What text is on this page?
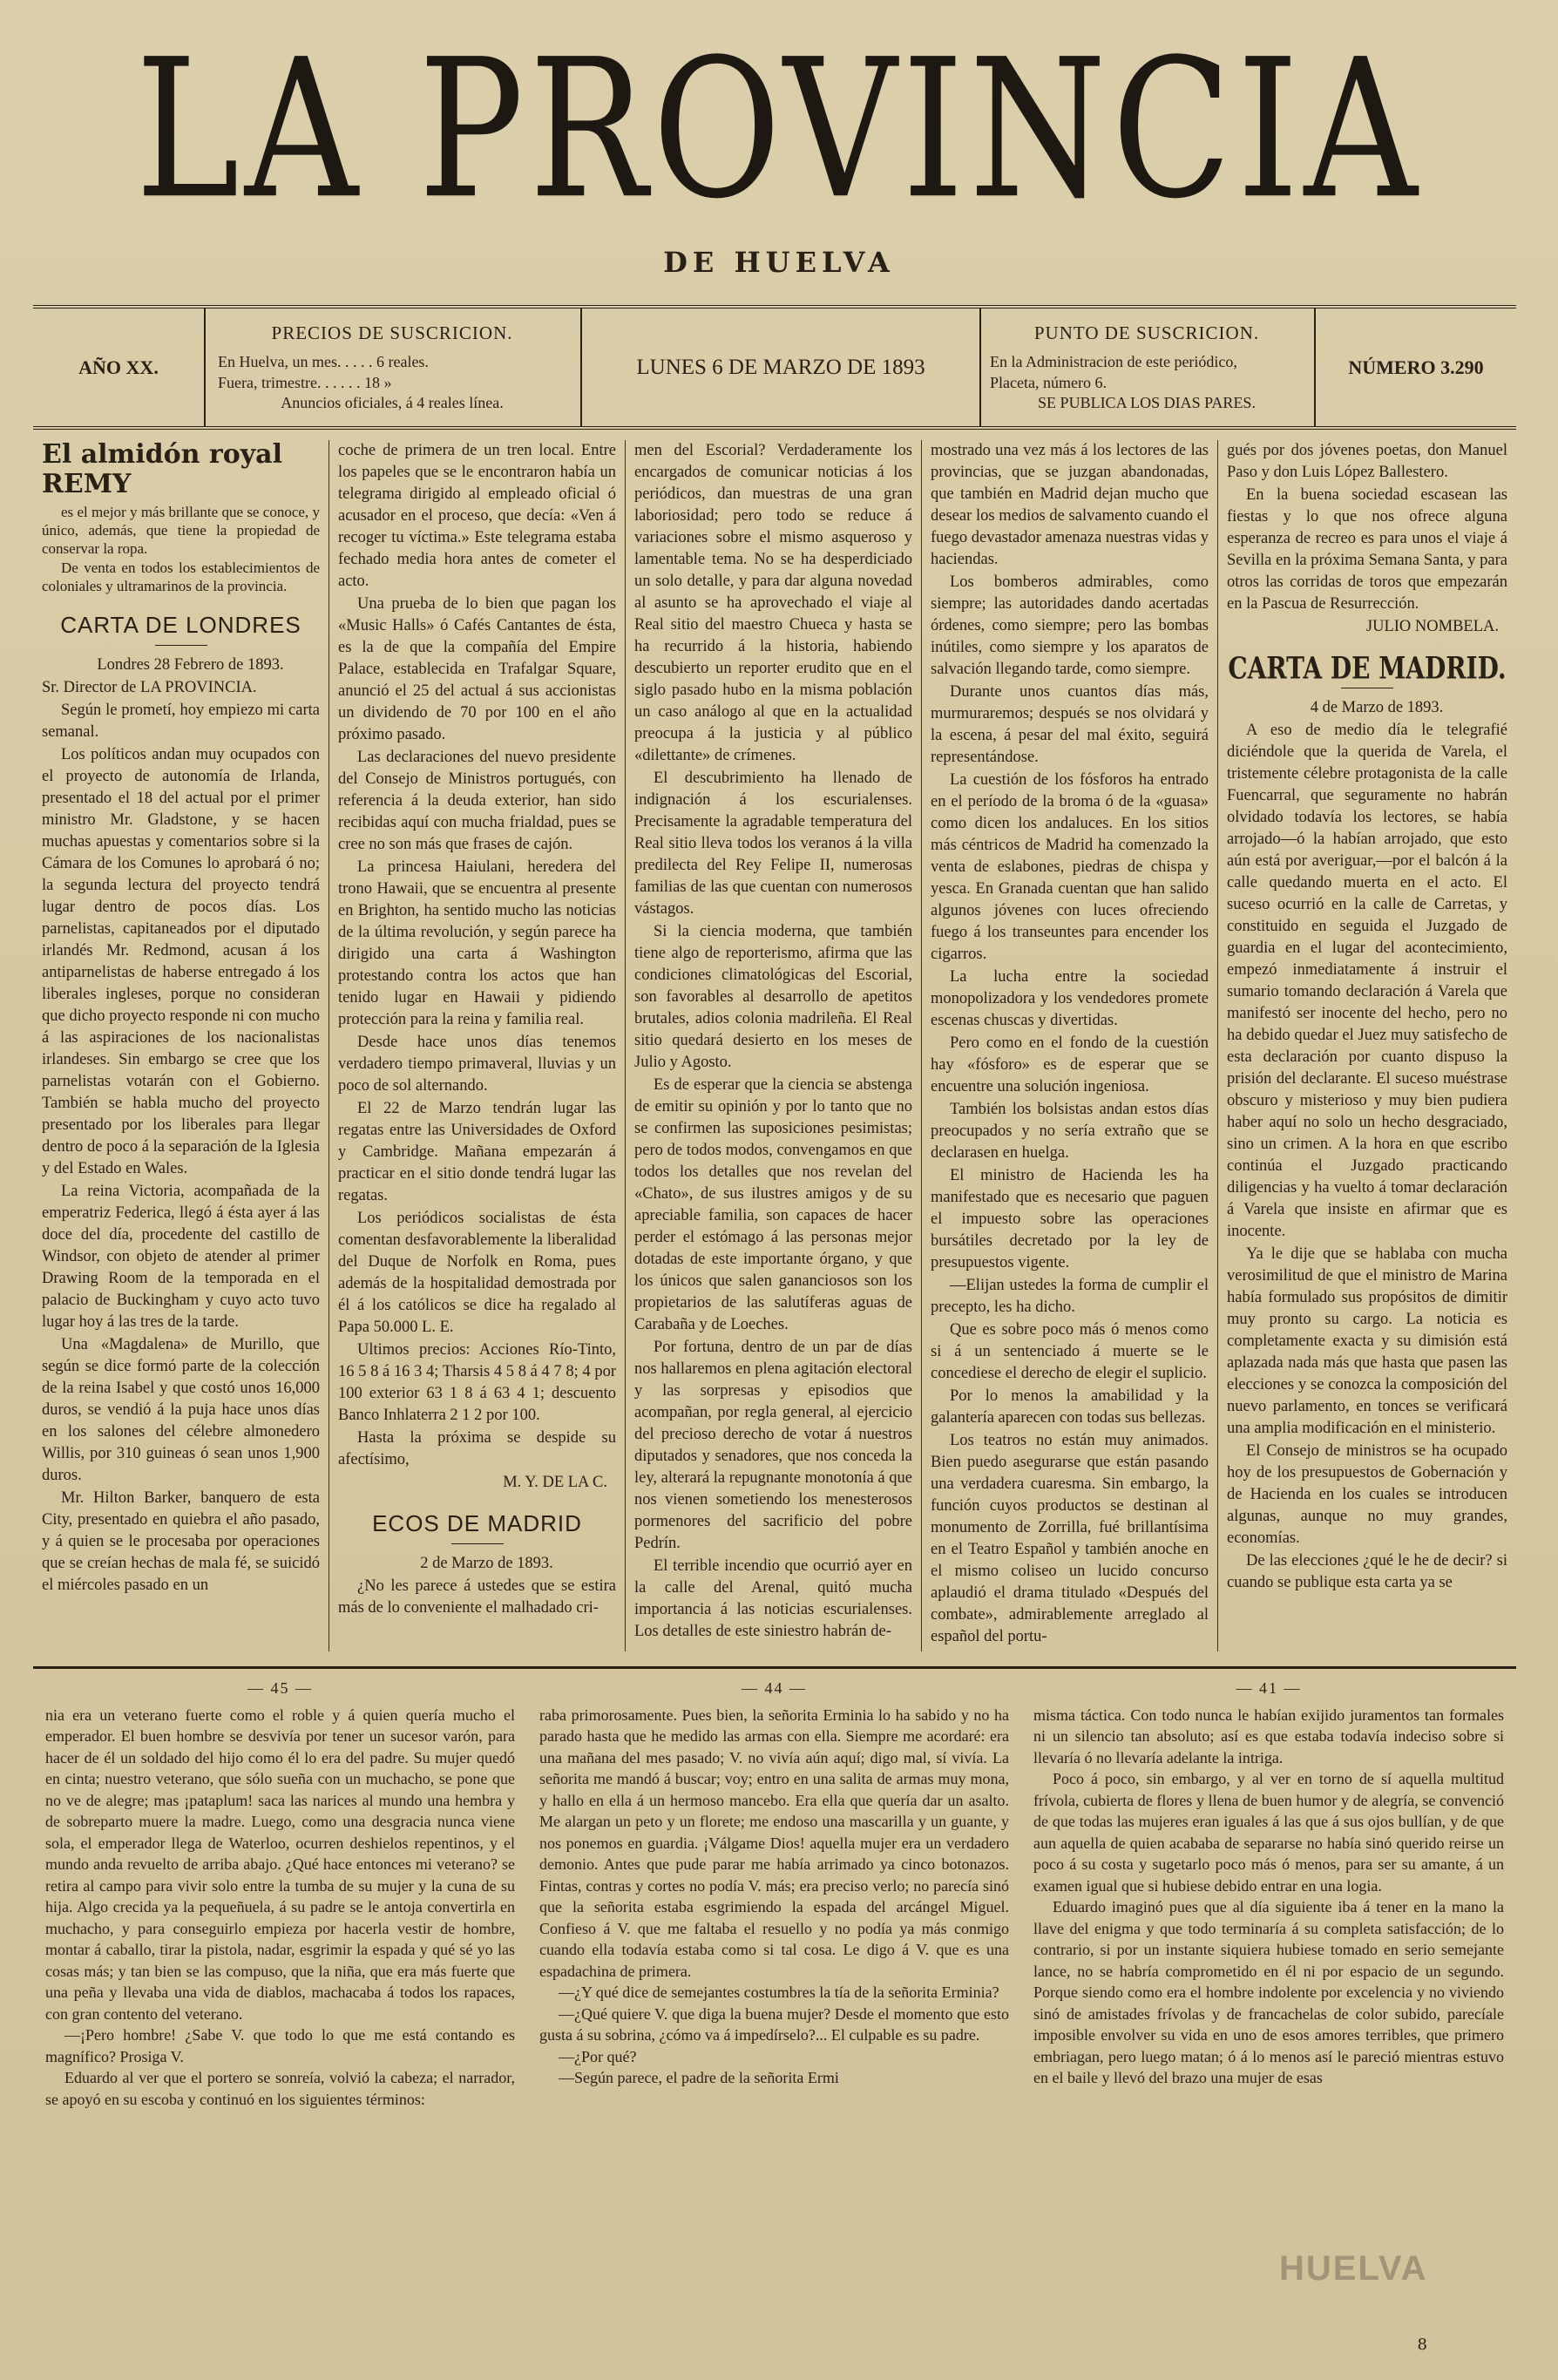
LA PROVINCIA
DE HUELVA
AÑO XX.
PRECIOS DE SUSCRICION.

En Huelva, un mes. . . . . 6 reales.

Fuera, trimestre. . . . . . 18 »

Anuncios oficiales, á 4 reales línea.

LUNES 6 DE MARZO DE 1893
PUNTO DE SUSCRICION.

En la Administracion de este periódico,

Placeta, número 6.

SE PUBLICA LOS DIAS PARES.

NÚMERO 3.290
El almidón royal REMY

es el mejor y más brillante que se conoce, y único, además, que tiene la propiedad de conservar la ropa.

De venta en todos los establecimientos de coloniales y ultramarinos de la provincia.

CARTA DE LONDRES

Londres 28 Febrero de 1893.

Sr. Director de LA PROVINCIA.

Según le prometí, hoy empiezo mi carta semanal.

Los políticos andan muy ocupados con el proyecto de autonomía de Irlanda, presentado el 18 del actual por el primer ministro Mr. Gladstone, y se hacen muchas apuestas y comentarios sobre si la Cámara de los Comunes lo aprobará ó no; la segunda lectura del proyecto tendrá lugar dentro de pocos días. Los parnelistas, capitaneados por el diputado irlandés Mr. Redmond, acusan á los antiparnelistas de haberse entregado á los liberales ingleses, porque no consideran que dicho proyecto responde ni con mucho á las aspiraciones de los nacionalistas irlandeses. Sin embargo se cree que los parnelistas votarán con el Gobierno. También se habla mucho del proyecto presentado por los liberales para llegar dentro de poco á la separación de la Iglesia y del Estado en Wales.

La reina Victoria, acompañada de la emperatriz Federica, llegó á ésta ayer á las doce del día, procedente del castillo de Windsor, con objeto de atender al primer Drawing Room de la temporada en el palacio de Buckingham y cuyo acto tuvo lugar hoy á las tres de la tarde.

Una «Magdalena» de Murillo, que según se dice formó parte de la colección de la reina Isabel y que costó unos 16,000 duros, se vendió á la puja hace unos días en los salones del célebre almonedero Willis, por 310 guineas ó sean unos 1,900 duros.

Mr. Hilton Barker, banquero de esta City, presentado en quiebra el año pasado, y á quien se le procesaba por operaciones que se creían hechas de mala fé, se suicidó el miércoles pasado en un

coche de primera de un tren local. Entre los papeles que se le encontraron había un telegrama dirigido al empleado oficial ó acusador en el proceso, que decía: «Ven á recoger tu víctima.» Este telegrama estaba fechado media hora antes de cometer el acto.

Una prueba de lo bien que pagan los «Music Halls» ó Cafés Cantantes de ésta, es la de que la compañía del Empire Palace, establecida en Trafalgar Square, anunció el 25 del actual á sus accionistas un dividendo de 70 por 100 en el año próximo pasado.

Las declaraciones del nuevo presidente del Consejo de Ministros portugués, con referencia á la deuda exterior, han sido recibidas aquí con mucha frialdad, pues se cree no son más que frases de cajón.

La princesa Haiulani, heredera del trono Hawaii, que se encuentra al presente en Brighton, ha sentido mucho las noticias de la última revolución, y según parece ha dirigido una carta á Washington protestando contra los actos que han tenido lugar en Hawaii y pidiendo protección para la reina y familia real.

Desde hace unos días tenemos verdadero tiempo primaveral, lluvias y un poco de sol alternando.

El 22 de Marzo tendrán lugar las regatas entre las Universidades de Oxford y Cambridge. Mañana empezarán á practicar en el sitio donde tendrá lugar las regatas.

Los periódicos socialistas de ésta comentan desfavorablemente la liberalidad del Duque de Norfolk en Roma, pues además de la hospitalidad demostrada por él á los católicos se dice ha regalado al Papa 50.000 L. E.

Ultimos precios: Acciones Río-Tinto, 16 5 8 á 16 3 4; Tharsis 4 5 8 á 4 7 8; 4 por 100 exterior 63 1 8 á 63 4 1; descuento Banco Inhlaterra 2 1 2 por 100.

Hasta la próxima se despide su afectísimo,

M. Y. DE LA C.

ECOS DE MADRID

2 de Marzo de 1893.

¿No les parece á ustedes que se estira más de lo conveniente el malhadado cri-

men del Escorial? Verdaderamente los encargados de comunicar noticias á los periódicos, dan muestras de una gran laboriosidad; pero todo se reduce á variaciones sobre el mismo asqueroso y lamentable tema. No se ha desperdiciado un solo detalle, y para dar alguna novedad al asunto se ha aprovechado el viaje al Real sitio del maestro Chueca y hasta se ha recurrido á la historia, habiendo descubierto un reporter erudito que en el siglo pasado hubo en la misma población un caso análogo al que en la actualidad preocupa á la justicia y al público «dilettante» de crímenes.

El descubrimiento ha llenado de indignación á los escurialenses. Precisamente la agradable temperatura del Real sitio lleva todos los veranos á la villa predilecta del Rey Felipe II, numerosas familias de las que cuentan con numerosos vástagos.

Si la ciencia moderna, que también tiene algo de reporterismo, afirma que las condiciones climatológicas del Escorial, son favorables al desarrollo de apetitos brutales, adios colonia madrileña. El Real sitio quedará desierto en los meses de Julio y Agosto.

Es de esperar que la ciencia se abstenga de emitir su opinión y por lo tanto que no se confirmen las suposiciones pesimistas; pero de todos modos, convengamos en que todos los detalles que nos revelan del «Chato», de sus ilustres amigos y de su apreciable familia, son capaces de hacer perder el estómago á las personas mejor dotadas de este importante órgano, y que los únicos que salen gananciosos son los propietarios de las salutíferas aguas de Carabaña y de Loeches.

Por fortuna, dentro de un par de días nos hallaremos en plena agitación electoral y las sorpresas y episodios que acompañan, por regla general, al ejercicio del precioso derecho de votar á nuestros diputados y senadores, que nos conceda la ley, alterará la repugnante monotonía á que nos vienen sometiendo los menesterosos pormenores del sacrificio del pobre Pedrín.

El terrible incendio que ocurrió ayer en la calle del Arenal, quitó mucha importancia á las noticias escurialenses. Los detalles de este siniestro habrán de-

mostrado una vez más á los lectores de las provincias, que se juzgan abandonadas, que también en Madrid dejan mucho que desear los medios de salvamento cuando el fuego devastador amenaza nuestras vidas y haciendas.

Los bomberos admirables, como siempre; las autoridades dando acertadas órdenes, como siempre; pero las bombas inútiles, como siempre y los aparatos de salvación llegando tarde, como siempre.

Durante unos cuantos días más, murmuraremos; después se nos olvidará y la escena, á pesar del mal éxito, seguirá representándose.

La cuestión de los fósforos ha entrado en el período de la broma ó de la «guasa» como dicen los andaluces. En los sitios más céntricos de Madrid ha comenzado la venta de eslabones, piedras de chispa y yesca. En Granada cuentan que han salido algunos jóvenes con luces ofreciendo fuego á los transeuntes para encender los cigarros.

La lucha entre la sociedad monopolizadora y los vendedores promete escenas chuscas y divertidas.

Pero como en el fondo de la cuestión hay «fósforo» es de esperar que se encuentre una solución ingeniosa.

También los bolsistas andan estos días preocupados y no sería extraño que se declarasen en huelga.

El ministro de Hacienda les ha manifestado que es necesario que paguen el impuesto sobre las operaciones bursátiles decretado por la ley de presupuestos vigente.

—Elijan ustedes la forma de cumplir el precepto, les ha dicho.

Que es sobre poco más ó menos como si á un sentenciado á muerte se le concediese el derecho de elegir el suplicio.

Por lo menos la amabilidad y la galantería aparecen con todas sus bellezas.

Los teatros no están muy animados. Bien puedo asegurarse que están pasando una verdadera cuaresma. Sin embargo, la función cuyos productos se destinan al monumento de Zorrilla, fué brillantísima en el Teatro Español y también anoche en el mismo coliseo un lucido concurso aplaudió el drama titulado «Después del combate», admirablemente arreglado al español del portu-

gués por dos jóvenes poetas, don Manuel Paso y don Luis López Ballestero.

En la buena sociedad escasean las fiestas y lo que nos ofrece alguna esperanza de recreo es para unos el viaje á Sevilla en la próxima Semana Santa, y para otros las corridas de toros que empezarán en la Pascua de Resurrección.

JULIO NOMBELA.

CARTA DE MADRID.

4 de Marzo de 1893.

A eso de medio día le telegrafié diciéndole que la querida de Varela, el tristemente célebre protagonista de la calle Fuencarral, que seguramente no habrán olvidado todavía los lectores, se había arrojado—ó la habían arrojado, que esto aún está por averiguar,—por el balcón á la calle quedando muerta en el acto. El suceso ocurrió en la calle de Carretas, y constituido en seguida el Juzgado de guardia en el lugar del acontecimiento, empezó inmediatamente á instruir el sumario tomando declaración á Varela que manifestó ser inocente del hecho, pero no ha debido quedar el Juez muy satisfecho de esta declaración por cuanto dispuso la prisión del declarante. El suceso muéstrase obscuro y misterioso y muy bien pudiera haber aquí no solo un hecho desgraciado, sino un crimen. A la hora en que escribo continúa el Juzgado practicando diligencias y ha vuelto á tomar declaración á Varela que insiste en afirmar que es inocente.

Ya le dije que se hablaba con mucha verosimilitud de que el ministro de Marina había formulado sus propósitos de dimitir muy pronto su cargo. La noticia es completamente exacta y su dimisión está aplazada nada más que hasta que pasen las elecciones y se conozca la composición del nuevo parlamento, en tonces se verificará una amplia modificación en el ministerio.

El Consejo de ministros se ha ocupado hoy de los presupuestos de Gobernación y de Hacienda en los cuales se introducen algunas, aunque no muy grandes, economías.

De las elecciones ¿qué le he de decir? si cuando se publique esta carta ya se

— 45 —

nia era un veterano fuerte como el roble y á quien quería mucho el emperador. El buen hombre se desvivía por tener un sucesor varón, para hacer de él un soldado del hijo como él lo era del padre. Su mujer quedó en cinta; nuestro veterano, que sólo sueña con un muchacho, se pone que no ve de alegre; mas ¡pataplum! saca las narices al mundo una hembra y de sobreparto muere la madre. Luego, como una desgracia nunca viene sola, el emperador llega de Waterloo, ocurren deshielos repentinos, y el mundo anda revuelto de arriba abajo. ¿Qué hace entonces mi veterano? se retira al campo para vivir solo entre la tumba de su mujer y la cuna de su hija. Algo crecida ya la pequeñuela, á su padre se le antoja convertirla en muchacho, y para conseguirlo empieza por hacerla vestir de hombre, montar á caballo, tirar la pistola, nadar, esgrimir la espada y qué sé yo las cosas más; y tan bien se las compuso, que la niña, que era más fuerte que una peña y llevaba una vida de diablos, machacaba á todos los rapaces, con gran contento del veterano.

—¡Pero hombre! ¿Sabe V. que todo lo que me está contando es magnífico? Prosiga V.

Eduardo al ver que el portero se sonreía, volvió la cabeza; el narrador, se apoyó en su escoba y continuó en los siguientes términos:

— 44 —

raba primorosamente. Pues bien, la señorita Erminia lo ha sabido y no ha parado hasta que he medido las armas con ella. Siempre me acordaré: era una mañana del mes pasado; V. no vivía aún aquí; digo mal, sí vivía. La señorita me mandó á buscar; voy; entro en una salita de armas muy mona, y hallo en ella á un hermoso mancebo. Era ella que quería dar un asalto. Me alargan un peto y un florete; me endoso una mascarilla y un guante, y nos ponemos en guardia. ¡Válgame Dios! aquella mujer era un verdadero demonio. Antes que pude parar me había arrimado ya cinco botonazos. Fintas, contras y cortes no podía V. más; era preciso verlo; no parecía sinó que la señorita estaba esgrimiendo la espada del arcángel Miguel. Confieso á V. que me faltaba el resuello y no podía ya más conmigo cuando ella todavía estaba como si tal cosa. Le digo á V. que es una espadachina de primera.

—¿Y qué dice de semejantes costumbres la tía de la señorita Erminia?

—¿Qué quiere V. que diga la buena mujer? Desde el momento que esto gusta á su sobrina, ¿cómo va á impedírselo?... El culpable es su padre.

—¿Por qué?

—Según parece, el padre de la señorita Ermi

— 41 —

misma táctica. Con todo nunca le habían exijido juramentos tan formales ni un silencio tan absoluto; así es que estaba todavía indeciso sobre si llevaría ó no llevaría adelante la intriga.

Poco á poco, sin embargo, y al ver en torno de sí aquella multitud frívola, cubierta de flores y llena de buen humor y de alegría, se convenció de que todas las mujeres eran iguales á las que á sus ojos bullían, y de que aun aquella de quien acababa de separarse no había sinó querido reirse un poco á su costa y sugetarlo poco más ó menos, para ser su amante, á un examen igual que si hubiese debido entrar en una logia.

Eduardo imaginó pues que al día siguiente iba á tener en la mano la llave del enigma y que todo terminaría á su completa satisfacción; de lo contrario, si por un instante siquiera hubiese tomado en serio semejante lance, no se habría comprometido en él ni por espacio de un segundo. Porque siendo como era el hombre indolente por excelencia y no viviendo sinó de amistades frívolas y de francachelas de color subido, parecíale imposible envolver su vida en uno de esos amores terribles, que primero embriagan, pero luego matan; ó á lo menos así le pareció mientras estuvo en el baile y llevó del brazo una mujer de esas

HUELVA
8
